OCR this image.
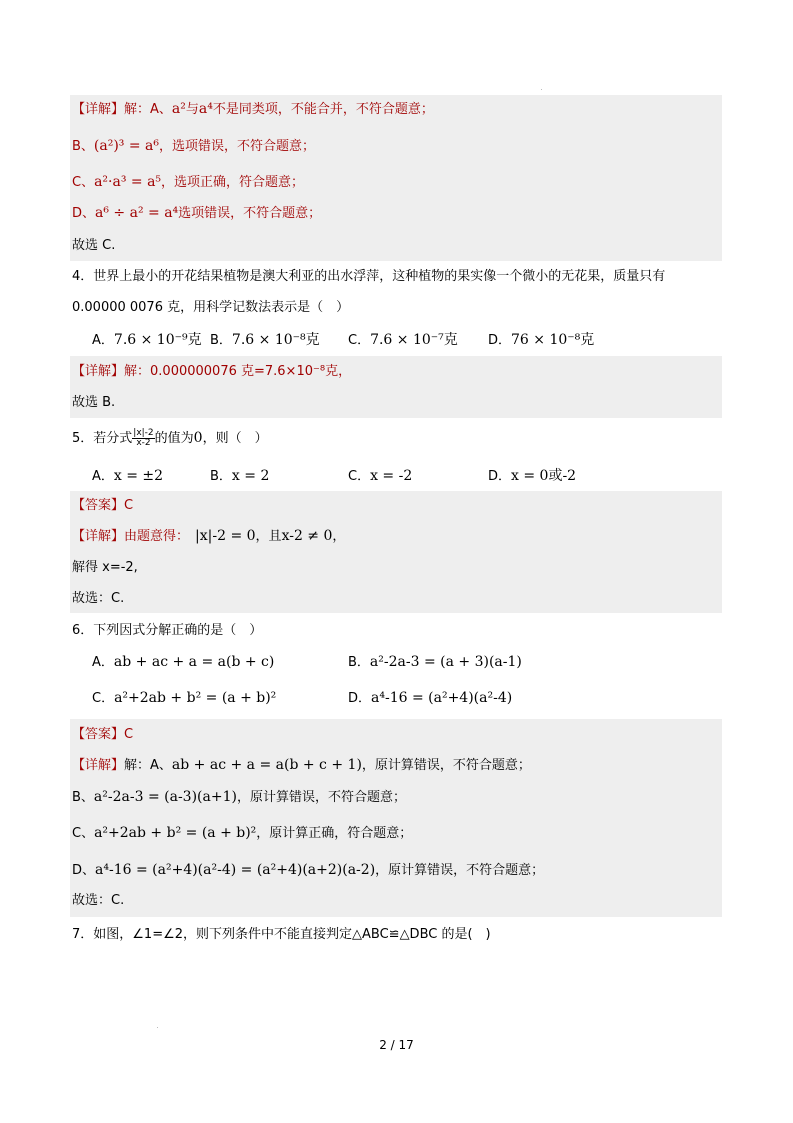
【详解】解：A、a²与a⁴不是同类项，不能合并，不符合题意；
B、(a²)³ = a⁶，选项错误，不符合题意；
C、a²·a³ = a⁵，选项正确，符合题意；
D、a⁶ ÷ a² = a⁴选项错误，不符合题意；
故选 C.
4．世界上最小的开花结果植物是澳大利亚的出水浮萍，这种植物的果实像一个微小的无花果，质量只有
0.00000 0076 克，用科学记数法表示是（　）
A．7.6 × 10⁻⁹克 B．7.6 × 10⁻⁸克 C．7.6 × 10⁻⁷克 D．76 × 10⁻⁸克
【详解】解：0.000000076 克=7.6×10⁻⁸克，
故选 B.
5．若分式 $\frac{|x|-2}{x-2}$ 的值为0，则（　）
A．x = ±2	B．x = 2	C．x = -2	D．x = 0或-2
【答案】C
【详解】由题意得： |x|-2 = 0，且x-2 ≠ 0，
解得 x=-2,
故选：C.
6．下列因式分解正确的是（　）
A．ab + ac + a = a(b + c)	B．a²-2a-3 = (a + 3)(a-1)
C．a²+2ab + b² = (a + b)²	D．a⁴-16 = (a²+4)(a²-4)
【答案】C
【详解】解：A、ab + ac + a = a(b + c + 1)，原计算错误，不符合题意；
B、a²-2a-3 = (a-3)(a+1)，原计算错误，不符合题意；
C、a²+2ab + b² = (a + b)²，原计算正确，符合题意；
D、a⁴-16 = (a²+4)(a²-4) = (a²+4)(a+2)(a-2)，原计算错误，不符合题意；
故选：C.
7．如图，∠1=∠2，则下列条件中不能直接判定△ABC≌△DBC 的是(　)
2 / 17
